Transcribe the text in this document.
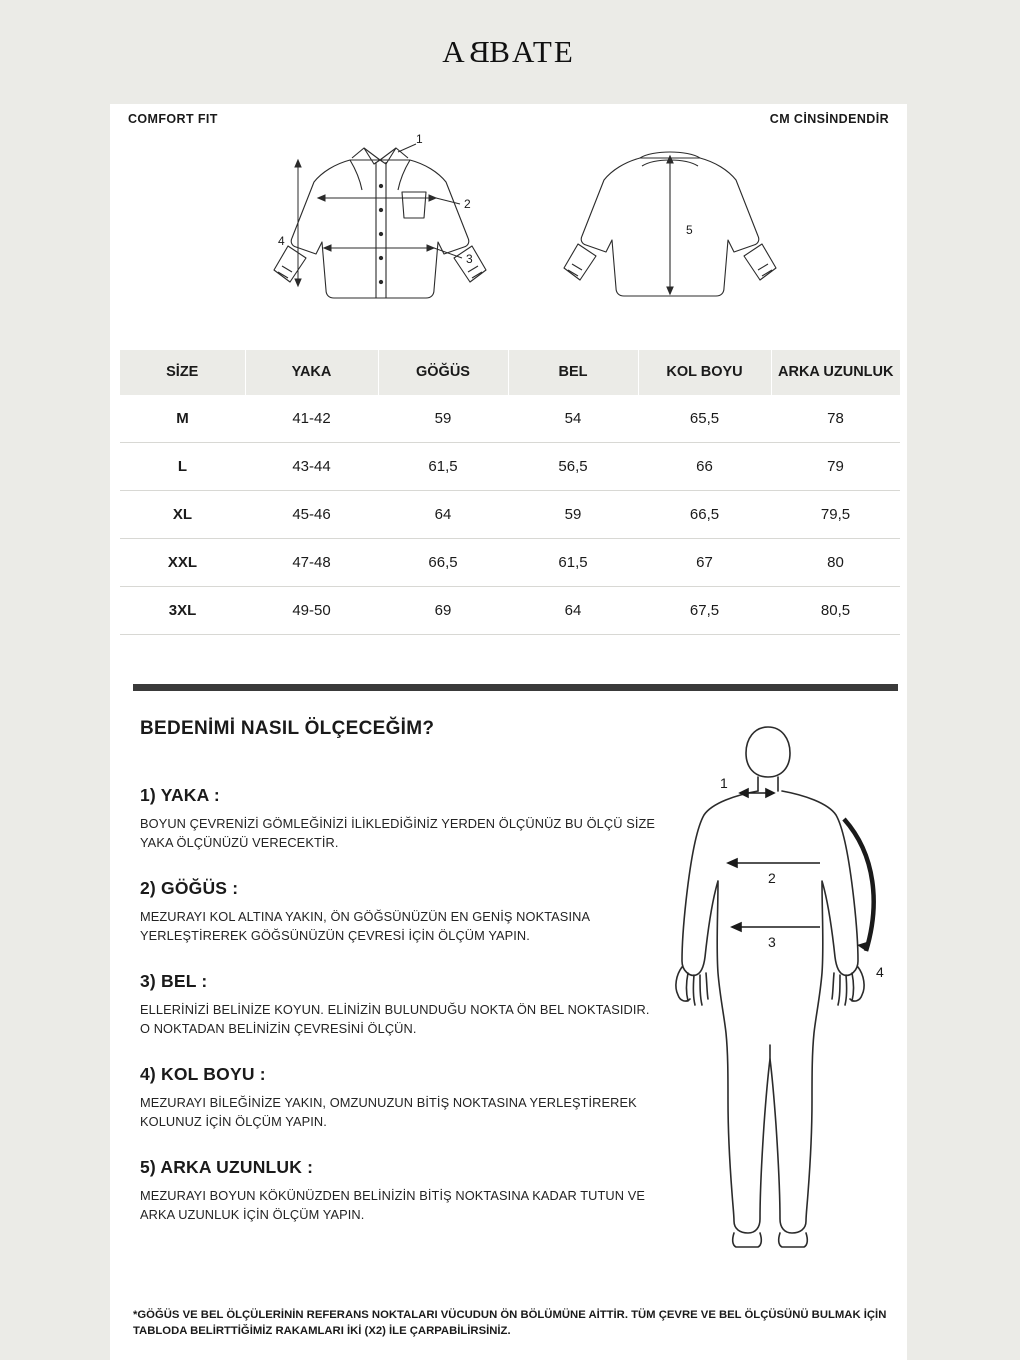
ABBATE
COMFORT FIT	CM CİNSİNDENDİR
1
2
3
4
5
SİZE	YAKA	GÖĞÜS	BEL	KOL BOYU	ARKA UZUNLUK
M	41-42	59	54	65,5	78
L	43-44	61,5	56,5	66	79
XL	45-46	64	59	66,5	79,5
XXL	47-48	66,5	61,5	67	80
3XL	49-50	69	64	67,5	80,5
BEDENİMİ NASIL ÖLÇECEĞİM?

1) YAKA :

BOYUN ÇEVRENİZİ GÖMLEĞİNİZİ İLİKLEDİĞİNİZ YERDEN ÖLÇÜNÜZ BU ÖLÇÜ SİZE YAKA ÖLÇÜNÜZÜ VERECEKTİR.

2) GÖĞÜS :

MEZURAYI KOL ALTINA YAKIN, ÖN GÖĞSÜNÜZÜN EN GENİŞ NOKTASINA YERLEŞTİREREK GÖĞSÜNÜZÜN ÇEVRESİ İÇİN ÖLÇÜM YAPIN.

3) BEL :

ELLERİNİZİ BELİNİZE KOYUN. ELİNİZİN BULUNDUĞU NOKTA ÖN BEL NOKTASIDIR. O NOKTADAN BELİNİZİN ÇEVRESİNİ ÖLÇÜN.

4) KOL BOYU :

MEZURAYI BİLEĞİNİZE YAKIN, OMZUNUZUN BİTİŞ NOKTASINA YERLEŞTİREREK KOLUNUZ İÇİN ÖLÇÜM YAPIN.

5) ARKA UZUNLUK :

MEZURAYI BOYUN KÖKÜNÜZDEN BELİNİZİN BİTİŞ NOKTASINA KADAR TUTUN VE ARKA UZUNLUK İÇİN ÖLÇÜM YAPIN.

1
2
3
4
*GÖĞÜS VE BEL ÖLÇÜLERİNİN REFERANS NOKTALARI VÜCUDUN ÖN BÖLÜMÜNE AİTTİR. TÜM ÇEVRE VE BEL ÖLÇÜSÜNÜ BULMAK İÇİN TABLODA BELİRTTİĞİMİZ RAKAMLARI İKİ (X2) İLE ÇARPABİLİRSİNİZ.
